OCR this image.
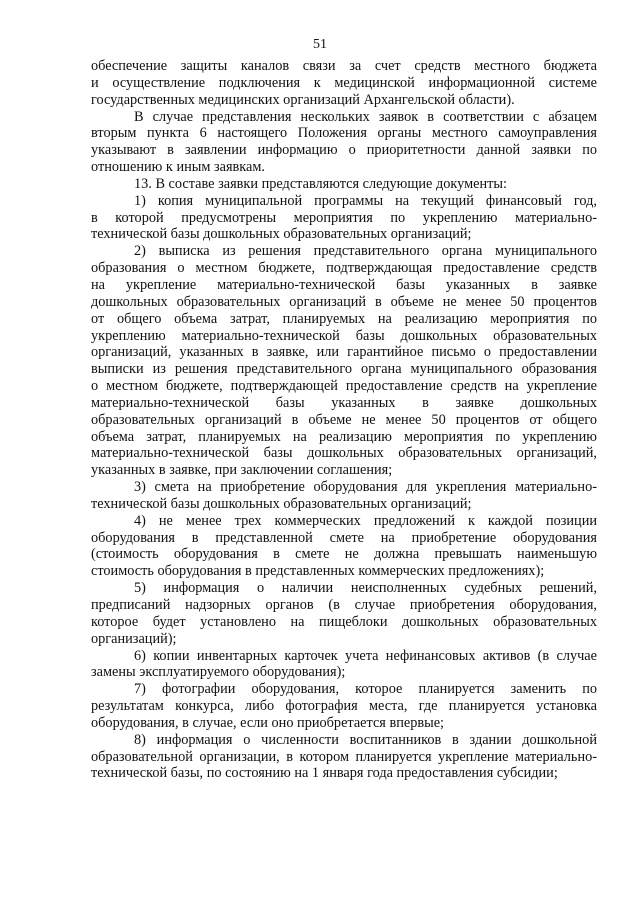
51
обеспечение защиты каналов связи за счет средств местного бюджета
и осуществление подключения к медицинской информационной системе
государственных медицинских организаций Архангельской области).
В случае представления нескольких заявок в соответствии с абзацем
вторым пункта 6 настоящего Положения органы местного самоуправления
указывают в заявлении информацию о приоритетности данной заявки по
отношению к иным заявкам.
13. В составе заявки представляются следующие документы:
1) копия муниципальной программы на текущий финансовый год,
в которой предусмотрены мероприятия по укреплению материально-
технической базы дошкольных образовательных организаций;
2) выписка из решения представительного органа муниципального
образования о местном бюджете, подтверждающая предоставление средств
на укрепление материально-технической базы указанных в заявке
дошкольных образовательных организаций в объеме не менее 50 процентов
от общего объема затрат, планируемых на реализацию мероприятия по
укреплению материально-технической базы дошкольных образовательных
организаций, указанных в заявке, или гарантийное письмо о предоставлении
выписки из решения представительного органа муниципального образования
о местном бюджете, подтверждающей предоставление средств на укрепление
материально-технической базы указанных в заявке дошкольных
образовательных организаций в объеме не менее 50 процентов от общего
объема затрат, планируемых на реализацию мероприятия по укреплению
материально-технической базы дошкольных образовательных организаций,
указанных в заявке, при заключении соглашения;
3) смета на приобретение оборудования для укрепления материально-
технической базы дошкольных образовательных организаций;
4) не менее трех коммерческих предложений к каждой позиции
оборудования в представленной смете на приобретение оборудования
(стоимость оборудования в смете не должна превышать наименьшую
стоимость оборудования в представленных коммерческих предложениях);
5) информация о наличии неисполненных судебных решений,
предписаний надзорных органов (в случае приобретения оборудования,
которое будет установлено на пищеблоки дошкольных образовательных
организаций);
6) копии инвентарных карточек учета нефинансовых активов (в случае
замены эксплуатируемого оборудования);
7) фотографии оборудования, которое планируется заменить по
результатам конкурса, либо фотография места, где планируется установка
оборудования, в случае, если оно приобретается впервые;
8) информация о численности воспитанников в здании дошкольной
образовательной организации, в котором планируется укрепление материально-
технической базы, по состоянию на 1 января года предоставления субсидии;
